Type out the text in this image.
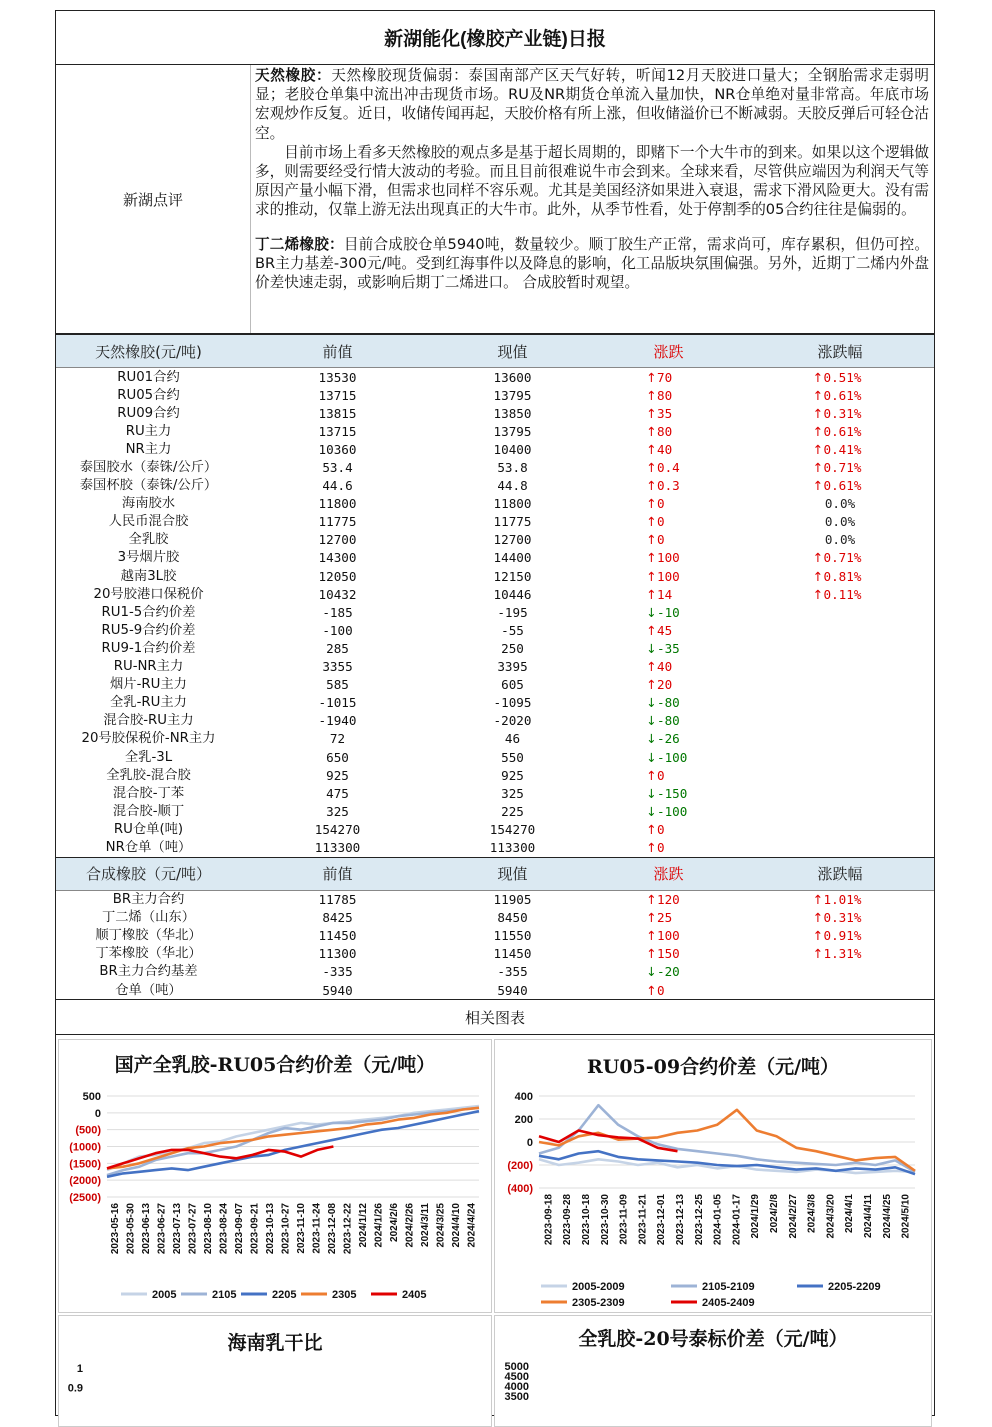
新湖能化(橡胶产业链)日报
新湖点评

天然橡胶：天然橡胶现货偏弱：泰国南部产区天气好转，听闻12月天胶进口量大；全钢胎需求走弱明显；老胶仓单集中流出冲击现货市场。RU及NR期货仓单流入量加快，NR仓单绝对量非常高。年底市场宏观炒作反复。近日，收储传闻再起，天胶价格有所上涨，但收储溢价已不断减弱。天胶反弹后可轻仓沽空。

目前市场上看多天然橡胶的观点多是基于超长周期的，即赌下一个大牛市的到来。如果以这个逻辑做多，则需要经受行情大波动的考验。而且目前很难说牛市会到来。全球来看，尽管供应端因为利润天气等原因产量小幅下滑，但需求也同样不容乐观。尤其是美国经济如果进入衰退，需求下滑风险更大。没有需求的推动，仅靠上游无法出现真正的大牛市。此外，从季节性看，处于停割季的05合约往往是偏弱的。

丁二烯橡胶：目前合成胶仓单5940吨，数量较少。顺丁胶生产正常，需求尚可，库存累积，但仍可控。BR主力基差-300元/吨。受到红海事件以及降息的影响，化工品版块氛围偏强。另外，近期丁二烯内外盘价差快速走弱，或影响后期丁二烯进口。 合成胶暂时观望。

天然橡胶(元/吨)	前值	现值	涨跌	涨跌幅
RU01合约	13530	13600	↑70	↑0.51%
RU05合约	13715	13795	↑80	↑0.61%
RU09合约	13815	13850	↑35	↑0.31%
RU主力	13715	13795	↑80	↑0.61%
NR主力	10360	10400	↑40	↑0.41%
泰国胶水（泰铢/公斤）	53.4	53.8	↑0.4	↑0.71%
泰国杯胶（泰铢/公斤）	44.6	44.8	↑0.3	↑0.61%
海南胶水	11800	11800	↑0	0.0%
人民币混合胶	11775	11775	↑0	0.0%
全乳胶	12700	12700	↑0	0.0%
3号烟片胶	14300	14400	↑100	↑0.71%
越南3L胶	12050	12150	↑100	↑0.81%
20号胶港口保税价	10432	10446	↑14	↑0.11%
RU1-5合约价差	-185	-195	↓-10	
RU5-9合约价差	-100	-55	↑45	
RU9-1合约价差	285	250	↓-35	
RU-NR主力	3355	3395	↑40	
烟片-RU主力	585	605	↑20	
全乳-RU主力	-1015	-1095	↓-80	
混合胶-RU主力	-1940	-2020	↓-80	
20号胶保税价-NR主力	72	46	↓-26	
全乳-3L	650	550	↓-100	
全乳胶-混合胶	925	925	↑0	
混合胶-丁苯	475	325	↓-150	
混合胶-顺丁	325	225	↓-100	
RU仓单(吨)	154270	154270	↑0	
NR仓单（吨）	113300	113300	↑0	
合成橡胶（元/吨）	前值	现值	涨跌	涨跌幅
BR主力合约	11785	11905	↑120	↑1.01%
丁二烯（山东）	8425	8450	↑25	↑0.31%
顺丁橡胶（华北）	11450	11550	↑100	↑0.91%
丁苯橡胶（华北）	11300	11450	↑150	↑1.31%
BR主力合约基差	-335	-355	↓-20	
仓单（吨）	5940	5940	↑0	
相关图表
国产全乳胶-RU05合约价差（元/吨）
500
0
(500)
(1000)
(1500)
(2000)
(2500)
2023-05-16 2023-05-30 2023-06-13 2023-06-27 2023-07-13 2023-07-27 2023-08-10 2023-08-24 2023-09-07 2023-09-21 2023-10-13 2023-10-27 2023-11-10 2023-11-24 2023-12-08 2023-12-22 2024/1/12 2024/1/26 2024/2/6 2024/2/26 2024/3/11 2024/3/25 2024/4/10 2024/4/24
2005	2105	2205	2305	2405
RU05-09合约价差（元/吨）
400
200
0
(200)
(400)
2023-09-18 2023-09-28 2023-10-18 2023-10-30 2023-11-09 2023-11-21 2023-12-01 2023-12-13 2023-12-25 2024-01-05 2024-01-17 2024/1/29 2024/2/8 2024/2/27 2024/3/8 2024/3/20 2024/4/1 2024/4/11 2024/4/25 2024/5/10
2005-2009	2105-2109	2205-2209
2305-2309	2405-2409
海南乳干比
1
0.9
全乳胶-20号泰标价差（元/吨）
5000
4500
4000
3500
